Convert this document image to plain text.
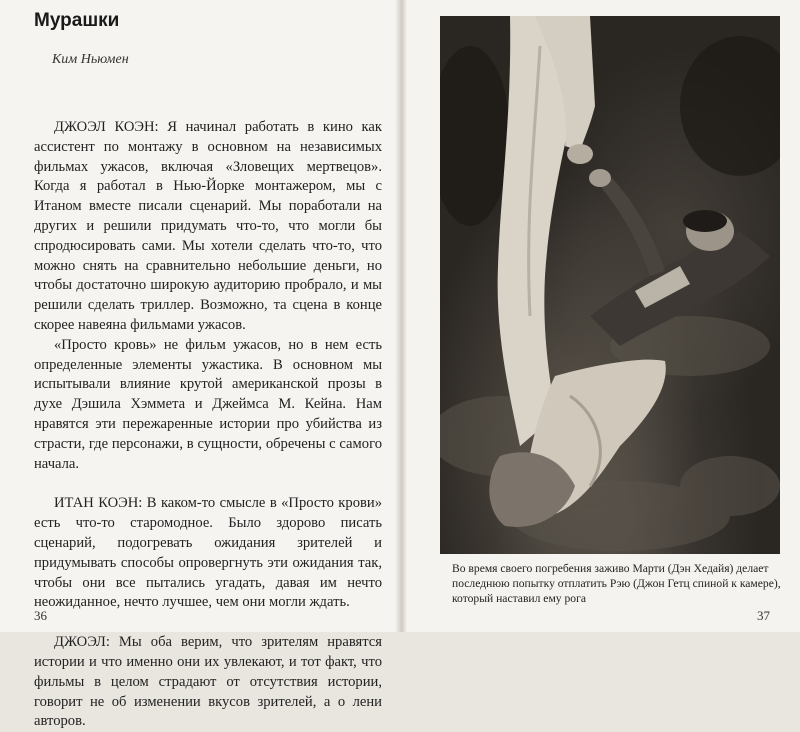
Мурашки
Ким Ньюмен

ДЖОЭЛ КОЭН: Я начинал работать в кино как ассистент по монтажу в основном на независимых фильмах ужасов, включая «Зловещих мертвецов». Когда я работал в Нью-Йорке монтажером, мы с Итаном вместе писали сценарий. Мы поработали на других и решили придумать что-то, что могли бы спродюсировать сами. Мы хотели сделать что-то, что можно снять на сравнительно небольшие деньги, но чтобы достаточно широкую аудиторию пробрало, и мы решили сделать триллер. Возможно, та сцена в конце скорее навеяна фильмами ужасов.

«Просто кровь» не фильм ужасов, но в нем есть определенные элементы ужастика. В основном мы испытывали влияние крутой американской прозы в духе Дэшила Хэммета и Джеймса М. Кейна. Нам нравятся эти пережаренные истории про убийства из страсти, где персонажи, в сущности, обречены с самого начала.

ИТАН КОЭН: В каком-то смысле в «Просто крови» есть что-то старомодное. Было здорово писать сценарий, подогревать ожидания зрителей и придумывать способы опровергнуть эти ожидания так, чтобы они все пытались угадать, давая им нечто неожиданное, нечто лучшее, чем они могли ждать.

ДЖОЭЛ: Мы оба верим, что зрителям нравятся истории и что именно они их увлекают, и тот факт, что фильмы в целом страдают от отсутствия истории, говорит не об изменении вкусов зрителей, а о лени авторов.

36	37
Во время своего погребения заживо Марти (Дэн Хедайя) делает последнюю попытку отплатить Рэю (Джон Гетц спиной к камере), который наставил ему рога
